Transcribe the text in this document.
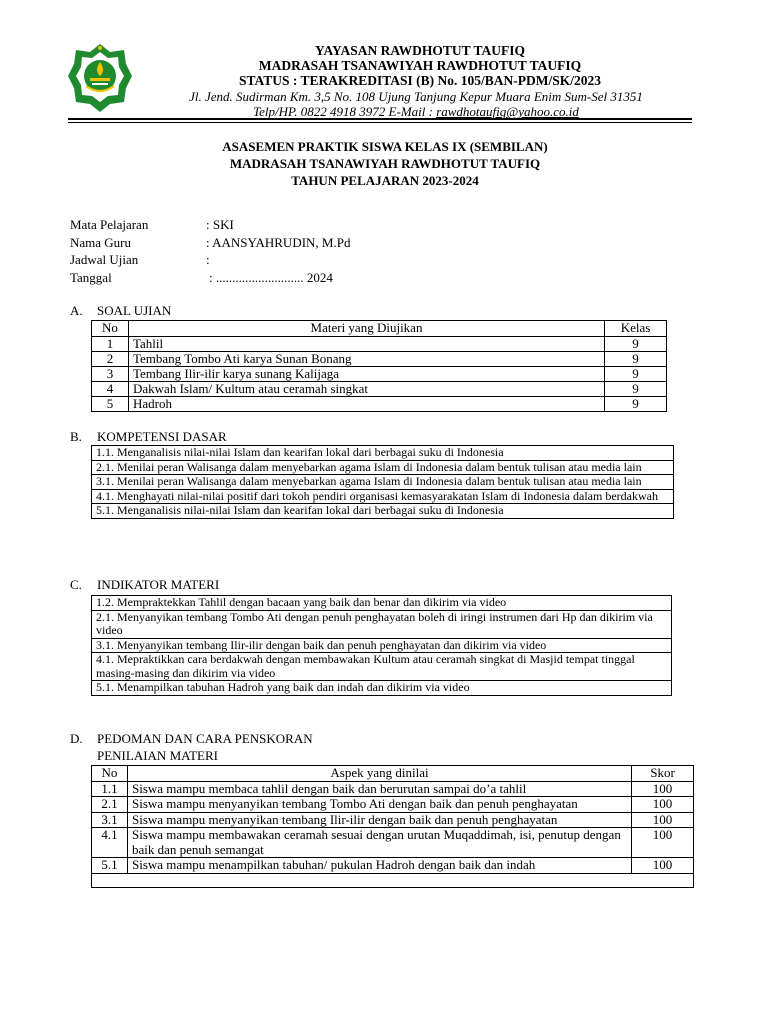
YAYASAN RAWDHOTUT TAUFIQ
MADRASAH TSANAWIYAH RAWDHOTUT TAUFIQ
STATUS : TERAKREDITASI (B) No. 105/BAN-PDM/SK/2023
Jl. Jend. Sudirman Km. 3,5 No. 108 Ujung Tanjung Kepur Muara Enim Sum-Sel 31351
Telp/HP. 0822 4918 3972 E-Mail : rawdhotaufiq@yahoo.co.id
ASASEMEN PRAKTIK SISWA KELAS IX (SEMBILAN)
MADRASAH TSANAWIYAH RAWDHOTUT TAUFIQ
TAHUN PELAJARAN 2023-2024
Mata Pelajaran	: SKI
Nama Guru	: AANSYAHRUDIN, M.Pd
Jadwal Ujian	:
Tanggal	: ........................... 2024
A. SOAL UJIAN
No	Materi yang Diujikan	Kelas
1	Tahlil	9
2	Tembang Tombo Ati karya Sunan Bonang	9
3	Tembang Ilir-ilir karya sunang Kalijaga	9
4	Dakwah Islam/ Kultum atau ceramah singkat	9
5	Hadroh	9
B. KOMPETENSI DASAR
1.1. Menganalisis nilai-nilai Islam dan kearifan lokal dari berbagai suku di Indonesia
2.1. Menilai peran Walisanga dalam menyebarkan agama Islam di Indonesia dalam bentuk tulisan atau media lain
3.1. Menilai peran Walisanga dalam menyebarkan agama Islam di Indonesia dalam bentuk tulisan atau media lain
4.1. Menghayati nilai-nilai positif dari tokoh pendiri organisasi kemasyarakatan Islam di Indonesia dalam berdakwah
5.1. Menganalisis nilai-nilai Islam dan kearifan lokal dari berbagai suku di Indonesia
C. INDIKATOR MATERI
1.2. Mempraktekkan Tahlil dengan bacaan yang baik dan benar dan dikirim via video
2.1. Menyanyikan tembang Tombo Ati dengan penuh penghayatan boleh di iringi instrumen dari Hp dan dikirim via video
3.1. Menyanyikan tembang Ilir-ilir dengan baik dan penuh penghayatan dan dikirim via video
4.1. Mepraktikkan cara berdakwah dengan membawakan Kultum atau ceramah singkat di Masjid tempat tinggal masing-masing dan dikirim via video
5.1. Menampilkan tabuhan Hadroh yang baik dan indah dan dikirim via video
D. PEDOMAN DAN CARA PENSKORAN
PENILAIAN MATERI
No	Aspek yang dinilai	Skor
1.1	Siswa mampu membaca tahlil dengan baik dan berurutan sampai do’a tahlil	100
2.1	Siswa mampu menyanyikan tembang Tombo Ati dengan baik dan penuh penghayatan	100
3.1	Siswa mampu menyanyikan tembang Ilir-ilir dengan baik dan penuh penghayatan	100
4.1	Siswa mampu membawakan ceramah sesuai dengan urutan Muqaddimah, isi, penutup dengan baik dan penuh semangat	100
5.1	Siswa mampu menampilkan tabuhan/ pukulan Hadroh dengan baik dan indah	100
